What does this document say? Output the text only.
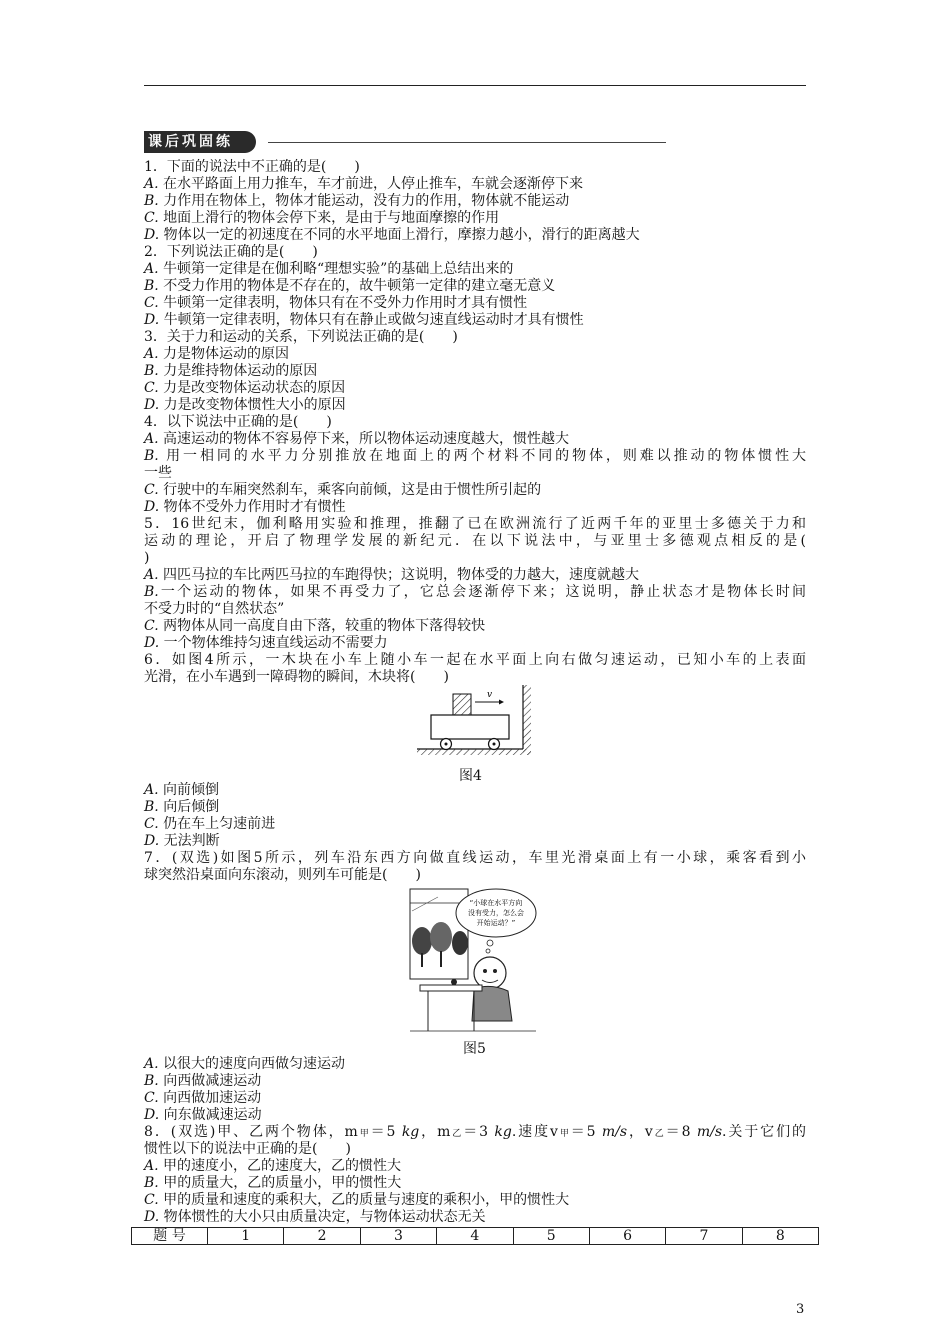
课后巩固练
1．下面的说法中不正确的是(　　)
A. 在水平路面上用力推车，车才前进，人停止推车，车就会逐渐停下来
B. 力作用在物体上，物体才能运动，没有力的作用，物体就不能运动
C. 地面上滑行的物体会停下来，是由于与地面摩擦的作用
D. 物体以一定的初速度在不同的水平地面上滑行，摩擦力越小，滑行的距离越大
2．下列说法正确的是(　　)
A. 牛顿第一定律是在伽利略“理想实验”的基础上总结出来的
B. 不受力作用的物体是不存在的，故牛顿第一定律的建立毫无意义
C. 牛顿第一定律表明，物体只有在不受外力作用时才具有惯性
D. 牛顿第一定律表明，物体只有在静止或做匀速直线运动时才具有惯性
3．关于力和运动的关系，下列说法正确的是(　　)
A. 力是物体运动的原因
B. 力是维持物体运动的原因
C. 力是改变物体运动状态的原因
D. 力是改变物体惯性大小的原因
4．以下说法中正确的是(　　)
A. 高速运动的物体不容易停下来，所以物体运动速度越大，惯性越大
B. 用一相同的水平力分别推放在地面上的两个材料不同的物体，则难以推动的物体惯性大
一些
C. 行驶中的车厢突然刹车，乘客向前倾，这是由于惯性所引起的
D. 物体不受外力作用时才有惯性
5．16世纪末，伽利略用实验和推理，推翻了已在欧洲流行了近两千年的亚里士多德关于力和
运动的理论，开启了物理学发展的新纪元．在以下说法中，与亚里士多德观点相反的是(
)
A. 四匹马拉的车比两匹马拉的车跑得快；这说明，物体受的力越大，速度就越大
B.一个运动的物体，如果不再受力了，它总会逐渐停下来；这说明，静止状态才是物体长时间
不受力时的“自然状态”
C. 两物体从同一高度自由下落，较重的物体下落得较快
D. 一个物体维持匀速直线运动不需要力
6．如图4所示，一木块在小车上随小车一起在水平面上向右做匀速运动，已知小车的上表面
光滑，在小车遇到一障碍物的瞬间，木块将(　　)
v
图4
A. 向前倾倒
B. 向后倾倒
C. 仍在车上匀速前进
D. 无法判断
7．(双选)如图5所示，列车沿东西方向做直线运动，车里光滑桌面上有一小球，乘客看到小
球突然沿桌面向东滚动，则列车可能是(　　)
“小球在水平方向
没有受力，怎么会
开始运动？”
图5
A. 以很大的速度向西做匀速运动
B. 向西做减速运动
C. 向西做加速运动
D. 向东做减速运动
8．(双选)甲、乙两个物体，m甲＝5 kg，m乙＝3 kg.速度v甲＝5 m/s，v乙＝8 m/s.关于它们的
惯性以下的说法中正确的是(　　)
A. 甲的速度小，乙的速度大，乙的惯性大
B. 甲的质量大，乙的质量小，甲的惯性大
C. 甲的质量和速度的乘积大，乙的质量与速度的乘积小，甲的惯性大
D. 物体惯性的大小只由质量决定，与物体运动状态无关
题 号	1	2	3	4	5	6	7	8
3
